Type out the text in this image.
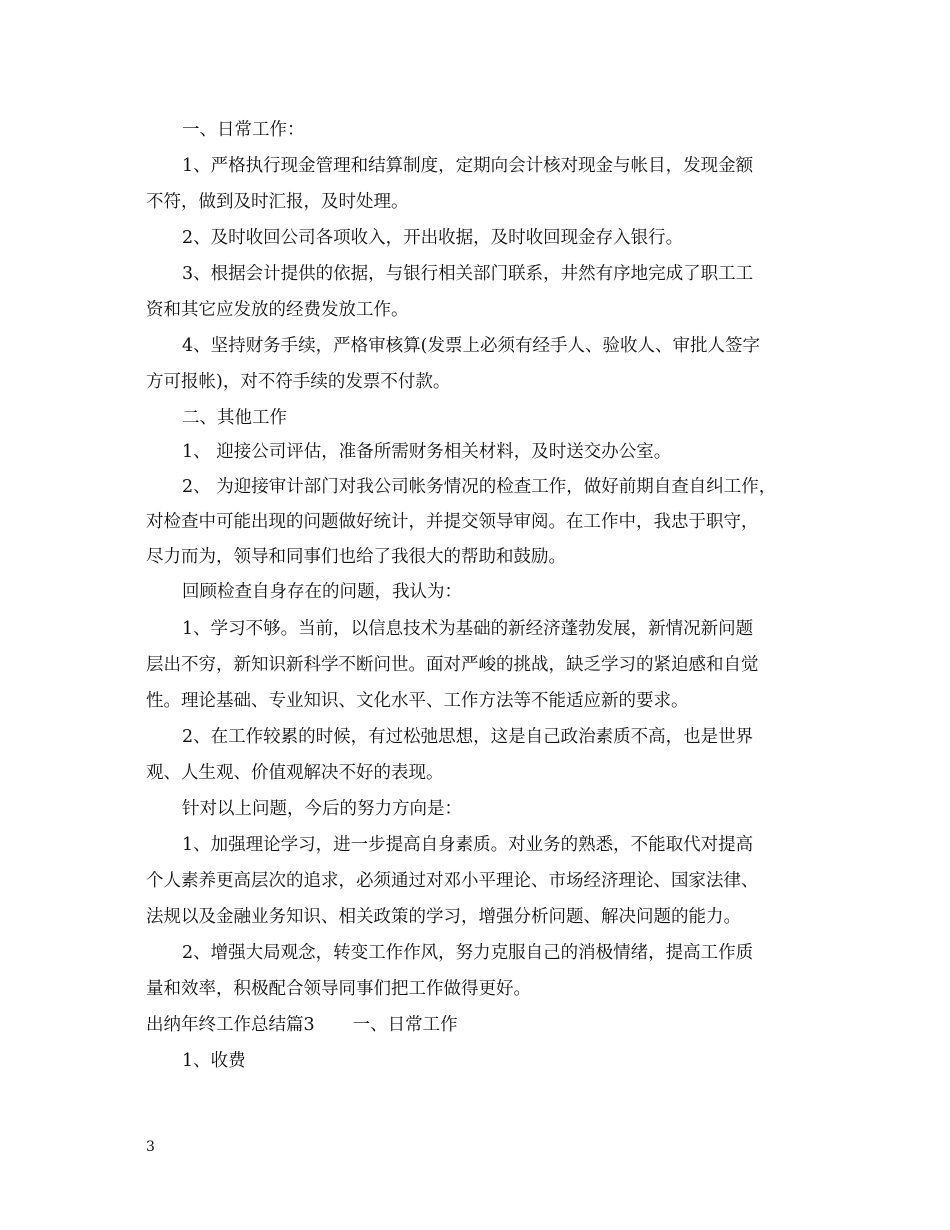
一、日常工作：
1、严格执行现金管理和结算制度，定期向会计核对现金与帐目，发现金额
不符，做到及时汇报，及时处理。
2、及时收回公司各项收入，开出收据，及时收回现金存入银行。
3、根据会计提供的依据，与银行相关部门联系，井然有序地完成了职工工
资和其它应发放的经费发放工作。
4、坚持财务手续，严格审核算(发票上必须有经手人、验收人、审批人签字
方可报帐)，对不符手续的发票不付款。
二、其他工作
1、 迎接公司评估，准备所需财务相关材料，及时送交办公室。
2、 为迎接审计部门对我公司帐务情况的检查工作，做好前期自查自纠工作，
对检查中可能出现的问题做好统计，并提交领导审阅。在工作中，我忠于职守，
尽力而为，领导和同事们也给了我很大的帮助和鼓励。
回顾检查自身存在的问题，我认为：
1、学习不够。当前，以信息技术为基础的新经济蓬勃发展，新情况新问题
层出不穷，新知识新科学不断问世。面对严峻的挑战，缺乏学习的紧迫感和自觉
性。理论基础、专业知识、文化水平、工作方法等不能适应新的要求。
2、在工作较累的时候，有过松弛思想，这是自己政治素质不高，也是世界
观、人生观、价值观解决不好的表现。
针对以上问题，今后的努力方向是：
1、加强理论学习，进一步提高自身素质。对业务的熟悉，不能取代对提高
个人素养更高层次的追求，必须通过对邓小平理论、市场经济理论、国家法律、
法规以及金融业务知识、相关政策的学习，增强分析问题、解决问题的能力。
2、增强大局观念，转变工作作风，努力克服自己的消极情绪，提高工作质
量和效率，积极配合领导同事们把工作做得更好。
出纳年终工作总结篇3 一、日常工作
1、收费
3
